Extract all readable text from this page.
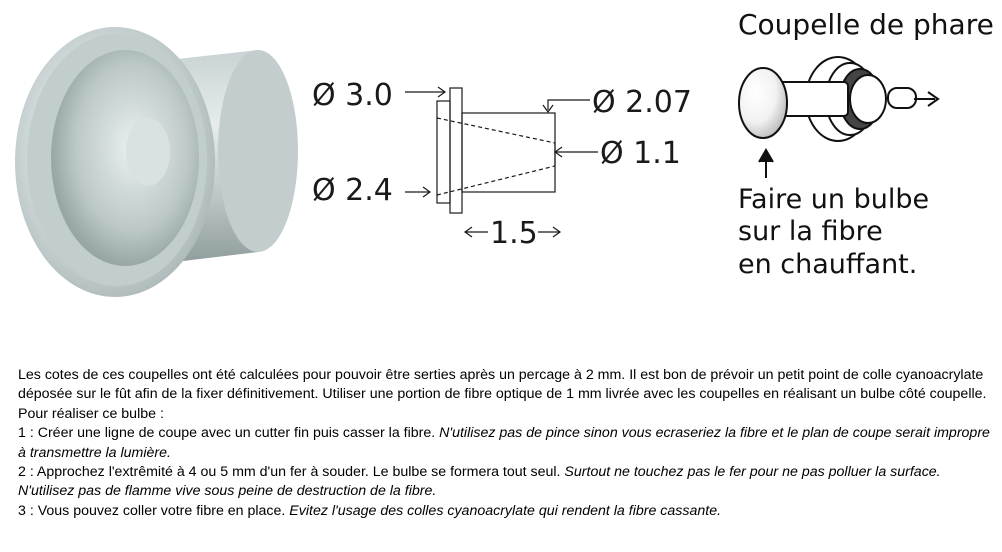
Ø 3.0
Ø 2.4
Ø 2.07
Ø 1.1
1.5
Coupelle de phare
Faire un bulbe
sur la fibre
en chauffant.

Les cotes de ces coupelles ont été calculées pour pouvoir être serties après un percage à 2 mm. Il est bon de prévoir un petit point de colle cyanoacrylate déposée sur le fût afin de la fixer définitivement. Utiliser une portion de fibre optique de 1 mm livrée avec les coupelles en réalisant un bulbe côté coupelle.

Pour réaliser ce bulbe :

1 : Créer une ligne de coupe avec un cutter fin puis casser la fibre. N'utilisez pas de pince sinon vous ecraseriez la fibre et le plan de coupe serait impropre à transmettre la lumière.

2 : Approchez l'extrêmité à 4 ou 5 mm d'un fer à souder. Le bulbe se formera tout seul. Surtout ne touchez pas le fer pour ne pas polluer la surface. N'utilisez pas de flamme vive sous peine de destruction de la fibre.

3 : Vous pouvez coller votre fibre en place. Evitez l'usage des colles cyanoacrylate qui rendent la fibre cassante.
